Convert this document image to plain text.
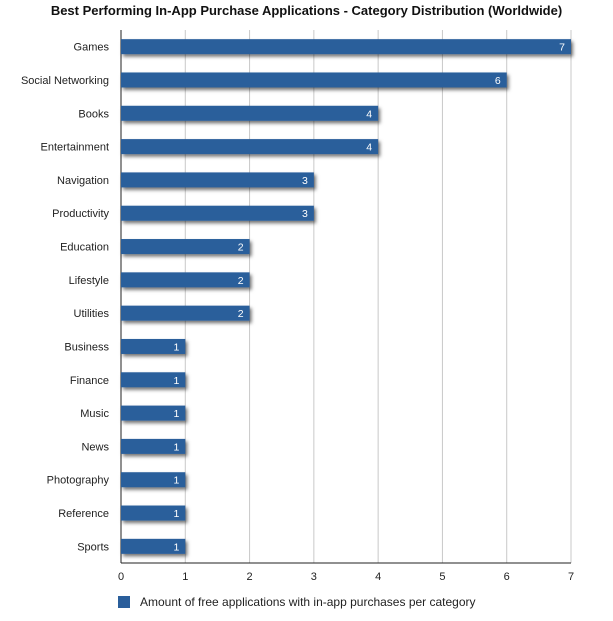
Best Performing In-App Purchase Applications - Category Distribution (Worldwide)
0	1	2	3	4	5	6	7
Games	7
Social Networking	6
Books	4
Entertainment	4
Navigation	3
Productivity	3
Education	2
Lifestyle	2
Utilities	2
Business	1
Finance	1
Music	1
News	1
Photography	1
Reference	1
Sports	1
Amount of free applications with in-app purchases per category
